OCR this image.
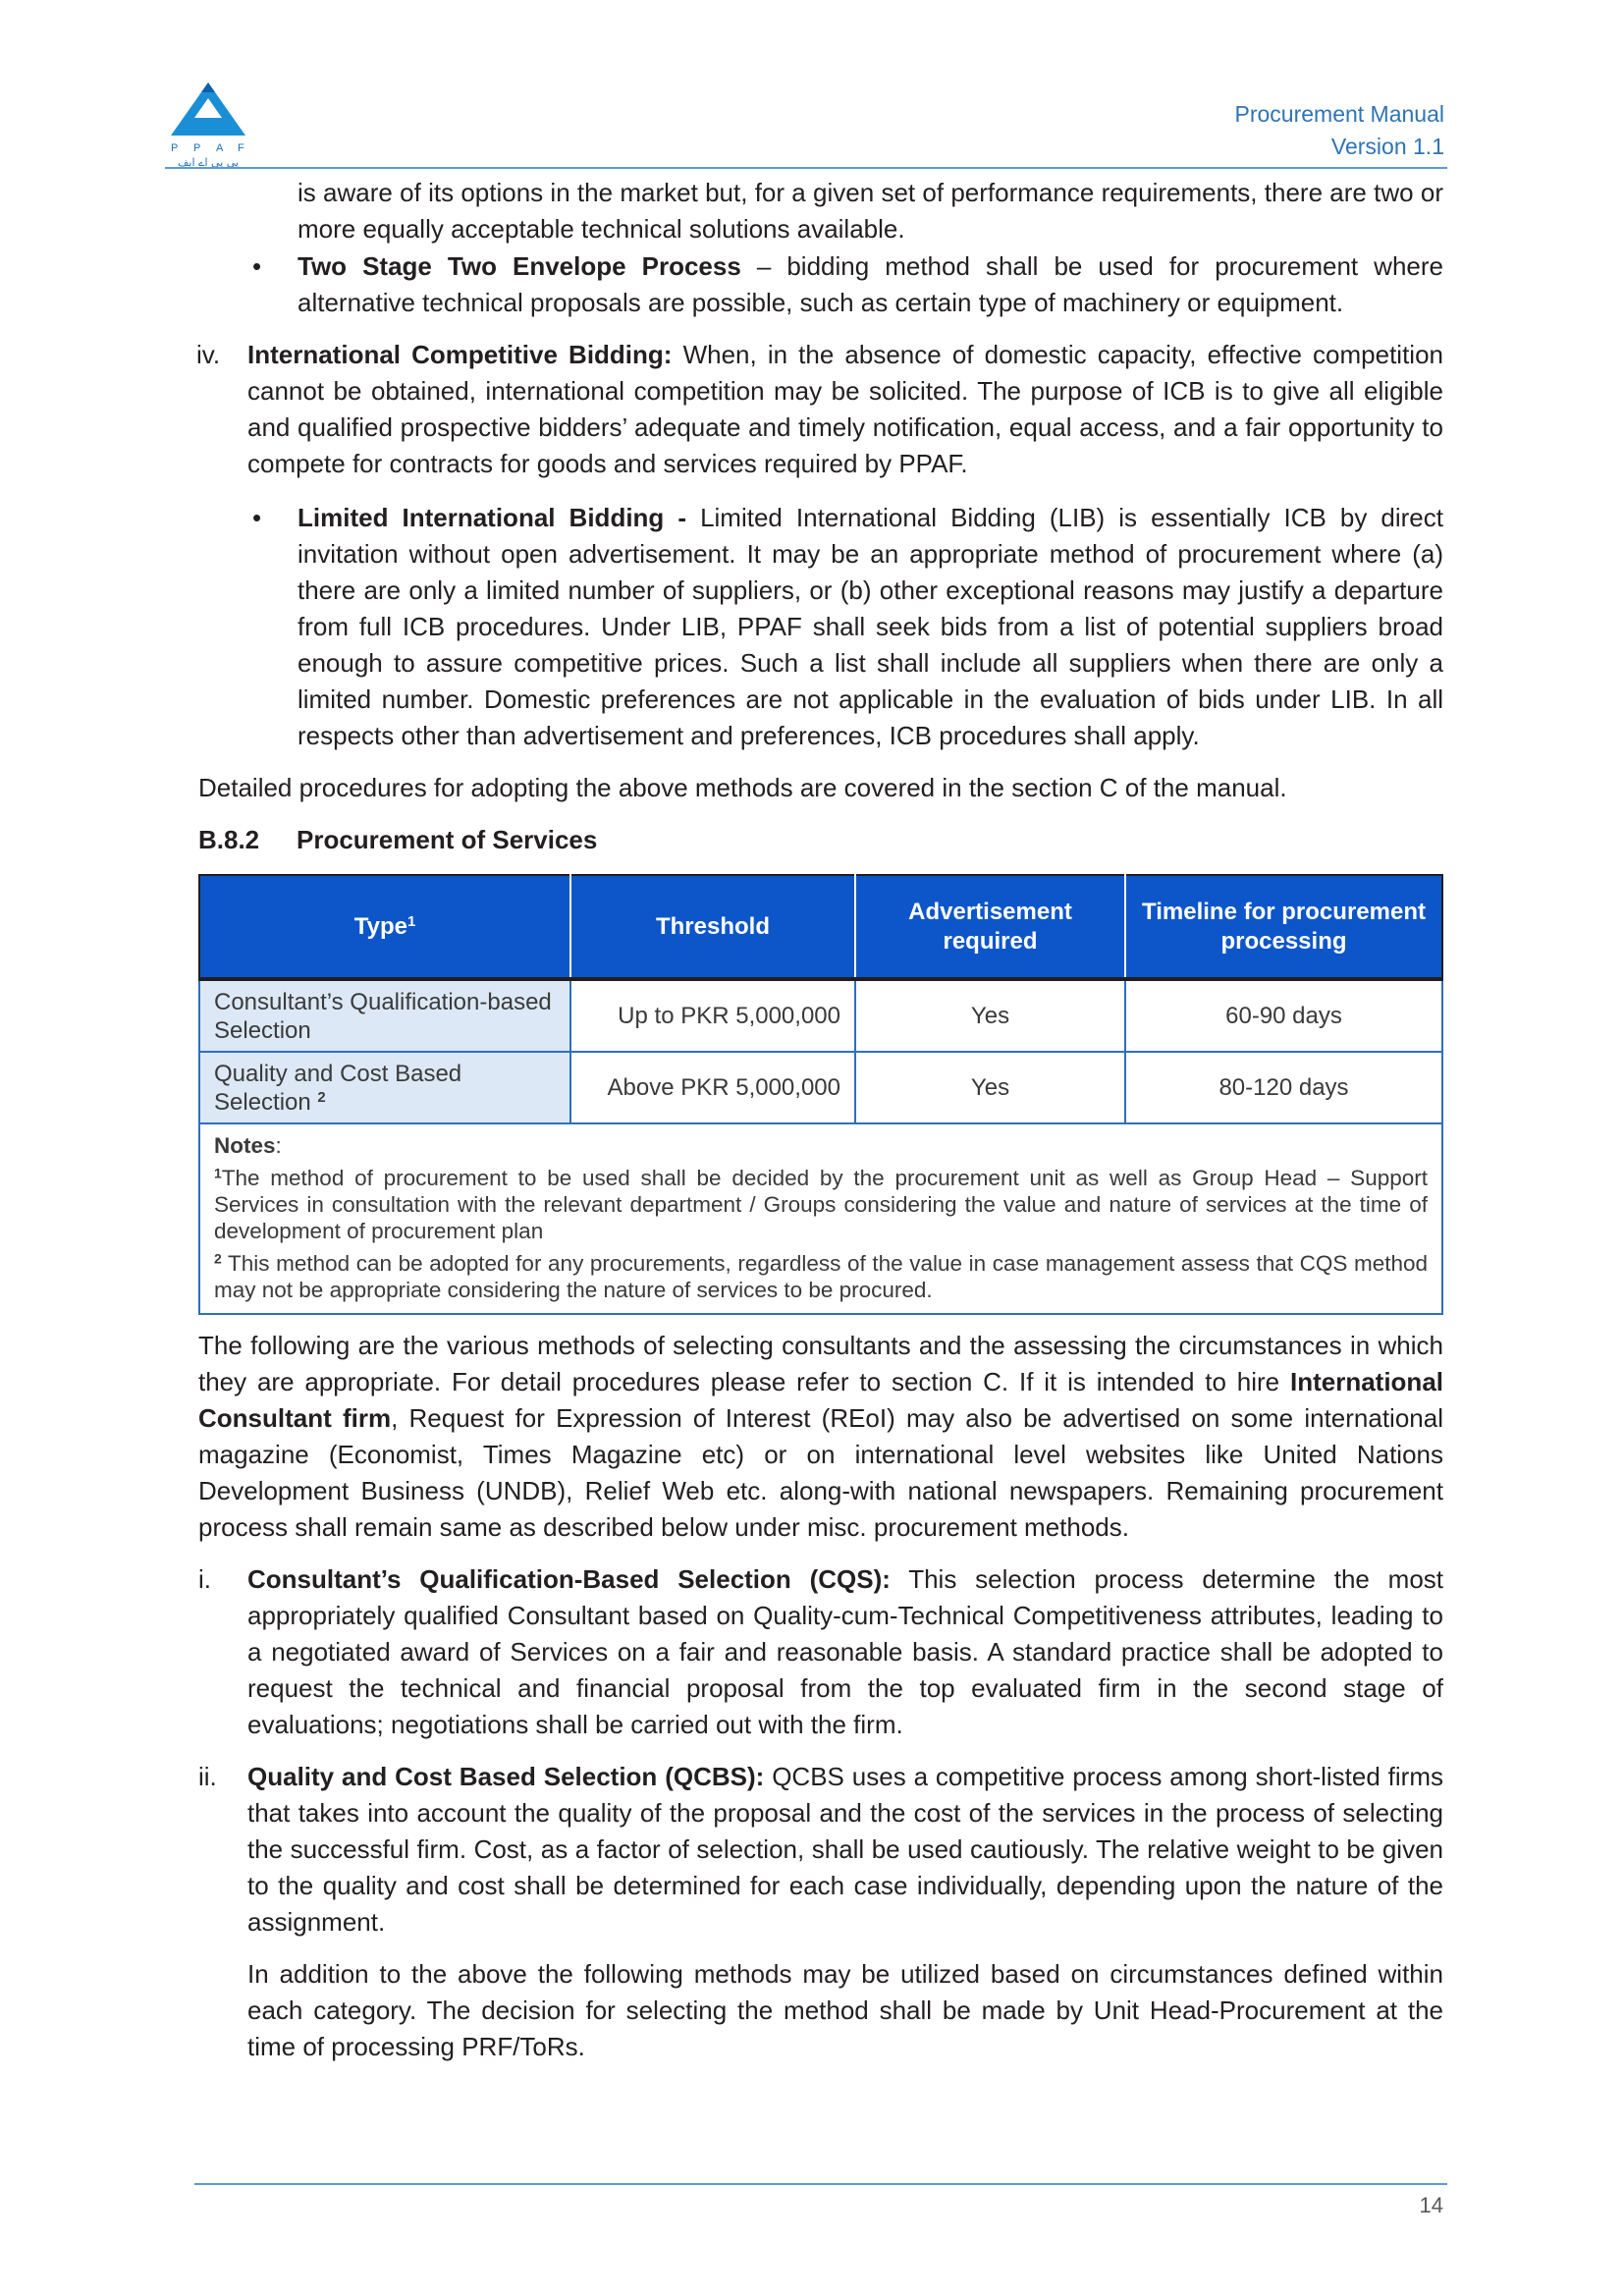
P P A F
پی پی اے ایف
Procurement Manual
Version 1.1

is aware of its options in the market but, for a given set of performance requirements, there are two or more equally acceptable technical solutions available.

•	Two Stage Two Envelope Process – bidding method shall be used for procurement where alternative technical proposals are possible, such as certain type of machinery or equipment.
iv. International Competitive Bidding: When, in the absence of domestic capacity, effective competition cannot be obtained, international competition may be solicited. The purpose of ICB is to give all eligible and qualified prospective bidders’ adequate and timely notification, equal access, and a fair opportunity to compete for contracts for goods and services required by PPAF.
•	Limited International Bidding - Limited International Bidding (LIB) is essentially ICB by direct invitation without open advertisement. It may be an appropriate method of procurement where (a) there are only a limited number of suppliers, or (b) other exceptional reasons may justify a departure from full ICB procedures. Under LIB, PPAF shall seek bids from a list of potential suppliers broad enough to assure competitive prices. Such a list shall include all suppliers when there are only a limited number. Domestic preferences are not applicable in the evaluation of bids under LIB. In all respects other than advertisement and preferences, ICB procedures shall apply.

Detailed procedures for adopting the above methods are covered in the section C of the manual.

B.8.2 Procurement of Services

Type$^1$	Threshold	Advertisement required	Timeline for procurement processing
Consultant’s Qualification-based Selection	Up to PKR 5,000,000	Yes	60-90 days
Quality and Cost Based Selection $^2$	Above PKR 5,000,000	Yes	80-120 days

Notes:
$^1$The method of procurement to be used shall be decided by the procurement unit as well as Group Head – Support Services in consultation with the relevant department / Groups considering the value and nature of services at the time of development of procurement plan
$^2$ This method can be adopted for any procurements, regardless of the value in case management assess that CQS method may not be appropriate considering the nature of services to be procured.			

The following are the various methods of selecting consultants and the assessing the circumstances in which they are appropriate. For detail procedures please refer to section C. If it is intended to hire International Consultant firm, Request for Expression of Interest (REoI) may also be advertised on some international magazine (Economist, Times Magazine etc) or on international level websites like United Nations Development Business (UNDB), Relief Web etc. along-with national newspapers. Remaining procurement process shall remain same as described below under misc. procurement methods.

i. Consultant’s Qualification-Based Selection (CQS): This selection process determine the most appropriately qualified Consultant based on Quality-cum-Technical Competitiveness attributes, leading to a negotiated award of Services on a fair and reasonable basis. A standard practice shall be adopted to request the technical and financial proposal from the top evaluated firm in the second stage of evaluations; negotiations shall be carried out with the firm.
ii. Quality and Cost Based Selection (QCBS): QCBS uses a competitive process among short-listed firms that takes into account the quality of the proposal and the cost of the services in the process of selecting the successful firm. Cost, as a factor of selection, shall be used cautiously. The relative weight to be given to the quality and cost shall be determined for each case individually, depending upon the nature of the assignment.

In addition to the above the following methods may be utilized based on circumstances defined within each category. The decision for selecting the method shall be made by Unit Head-Procurement at the time of processing PRF/ToRs.

14
